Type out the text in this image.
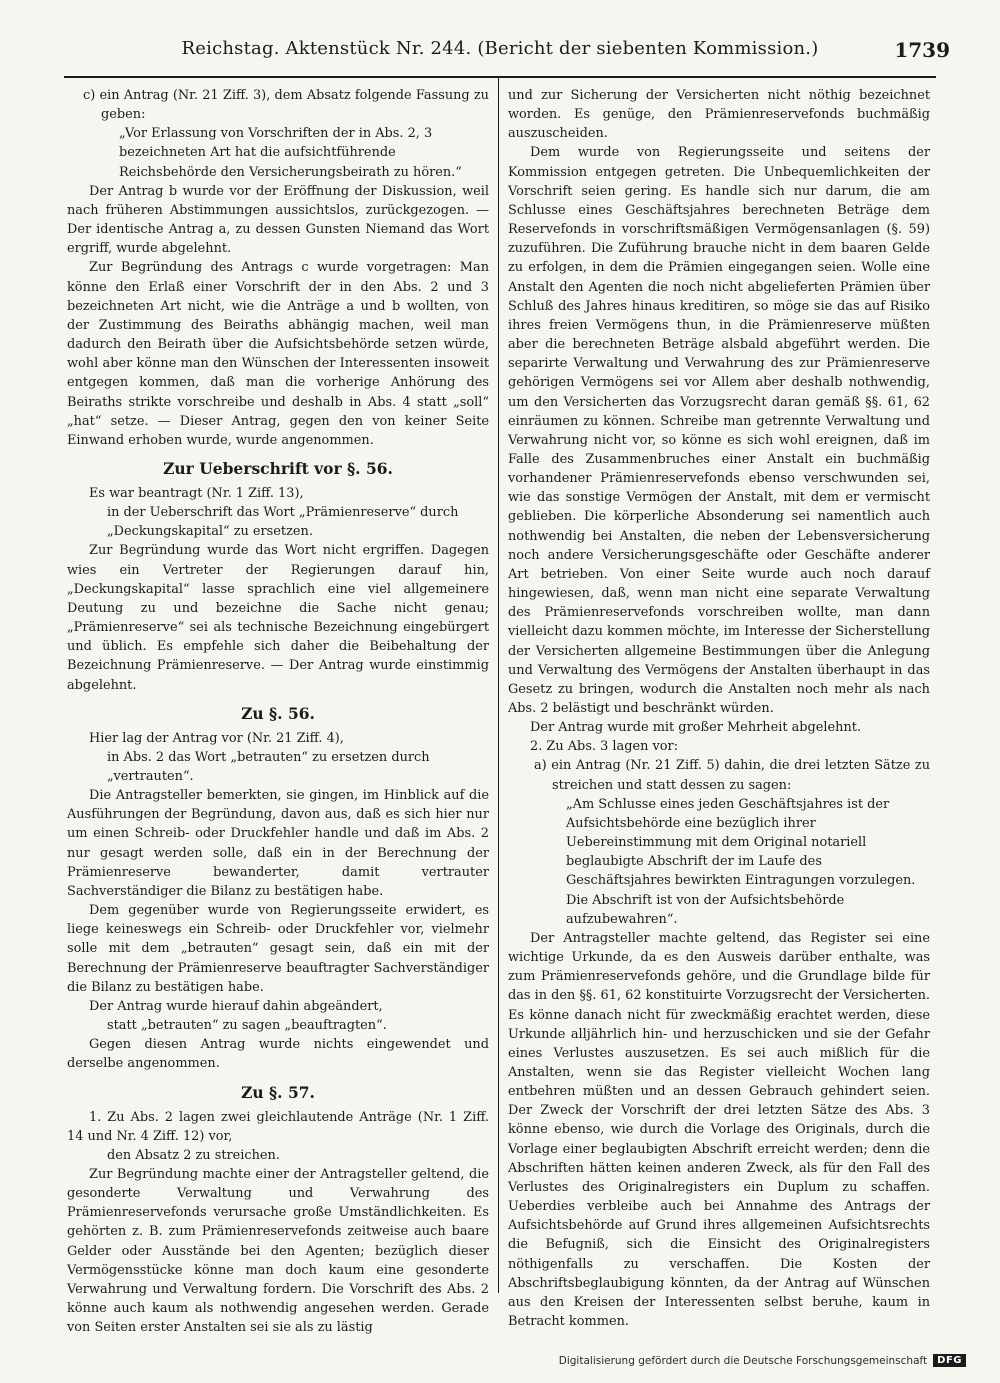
Reichstag. Aktenstück Nr. 244. (Bericht der siebenten Kommission.)	1739

c) ein Antrag (Nr. 21 Ziff. 3), dem Absatz folgende Fassung zu geben:

„Vor Erlassung von Vorschriften der in Abs. 2, 3 bezeichneten Art hat die aufsichtführende Reichsbehörde den Versicherungsbeirath zu hören.“

Der Antrag b wurde vor der Eröffnung der Diskussion, weil nach früheren Abstimmungen aussichtslos, zurückgezogen. — Der identische Antrag a, zu dessen Gunsten Niemand das Wort ergriff, wurde abgelehnt.

Zur Begründung des Antrags c wurde vorgetragen: Man könne den Erlaß einer Vorschrift der in den Abs. 2 und 3 bezeichneten Art nicht, wie die Anträge a und b wollten, von der Zustimmung des Beiraths abhängig machen, weil man dadurch den Beirath über die Aufsichtsbehörde setzen würde, wohl aber könne man den Wünschen der Interessenten insoweit entgegen kommen, daß man die vorherige Anhörung des Beiraths strikte vorschreibe und deshalb in Abs. 4 statt „soll“ „hat“ setze. — Dieser Antrag, gegen den von keiner Seite Einwand erhoben wurde, wurde angenommen.

Zur Ueberschrift vor §. 56.

Es war beantragt (Nr. 1 Ziff. 13),

in der Ueberschrift das Wort „Prämienreserve“ durch „Deckungskapital“ zu ersetzen.

Zur Begründung wurde das Wort nicht ergriffen. Dagegen wies ein Vertreter der Regierungen darauf hin, „Deckungskapital“ lasse sprachlich eine viel allgemeinere Deutung zu und bezeichne die Sache nicht genau; „Prämienreserve“ sei als technische Bezeichnung eingebürgert und üblich. Es empfehle sich daher die Beibehaltung der Bezeichnung Prämienreserve. — Der Antrag wurde einstimmig abgelehnt.

Zu §. 56.

Hier lag der Antrag vor (Nr. 21 Ziff. 4),

in Abs. 2 das Wort „betrauten“ zu ersetzen durch „vertrauten“.

Die Antragsteller bemerkten, sie gingen, im Hinblick auf die Ausführungen der Begründung, davon aus, daß es sich hier nur um einen Schreib- oder Druckfehler handle und daß im Abs. 2 nur gesagt werden solle, daß ein in der Berechnung der Prämienreserve bewanderter, damit vertrauter Sachverständiger die Bilanz zu bestätigen habe.

Dem gegenüber wurde von Regierungsseite erwidert, es liege keineswegs ein Schreib- oder Druckfehler vor, vielmehr solle mit dem „betrauten“ gesagt sein, daß ein mit der Berechnung der Prämienreserve beauftragter Sachverständiger die Bilanz zu bestätigen habe.

Der Antrag wurde hierauf dahin abgeändert,

statt „betrauten“ zu sagen „beauftragten“.

Gegen diesen Antrag wurde nichts eingewendet und derselbe angenommen.

Zu §. 57.

1. Zu Abs. 2 lagen zwei gleichlautende Anträge (Nr. 1 Ziff. 14 und Nr. 4 Ziff. 12) vor,

den Absatz 2 zu streichen.

Zur Begründung machte einer der Antragsteller geltend, die gesonderte Verwaltung und Verwahrung des Prämienreservefonds verursache große Umständlichkeiten. Es gehörten z. B. zum Prämienreservefonds zeitweise auch baare Gelder oder Ausstände bei den Agenten; bezüglich dieser Vermögensstücke könne man doch kaum eine gesonderte Verwahrung und Verwaltung fordern. Die Vorschrift des Abs. 2 könne auch kaum als nothwendig angesehen werden. Gerade von Seiten erster Anstalten sei sie als zu lästig

und zur Sicherung der Versicherten nicht nöthig bezeichnet worden. Es genüge, den Prämienreservefonds buchmäßig auszuscheiden.

Dem wurde von Regierungsseite und seitens der Kommission entgegen getreten. Die Unbequemlichkeiten der Vorschrift seien gering. Es handle sich nur darum, die am Schlusse eines Geschäftsjahres berechneten Beträge dem Reservefonds in vorschriftsmäßigen Vermögensanlagen (§. 59) zuzuführen. Die Zuführung brauche nicht in dem baaren Gelde zu erfolgen, in dem die Prämien eingegangen seien. Wolle eine Anstalt den Agenten die noch nicht abgelieferten Prämien über Schluß des Jahres hinaus kreditiren, so möge sie das auf Risiko ihres freien Vermögens thun, in die Prämienreserve müßten aber die berechneten Beträge alsbald abgeführt werden. Die separirte Verwaltung und Verwahrung des zur Prämienreserve gehörigen Vermögens sei vor Allem aber deshalb nothwendig, um den Versicherten das Vorzugsrecht daran gemäß §§. 61, 62 einräumen zu können. Schreibe man getrennte Verwaltung und Verwahrung nicht vor, so könne es sich wohl ereignen, daß im Falle des Zusammenbruches einer Anstalt ein buchmäßig vorhandener Prämienreservefonds ebenso verschwunden sei, wie das sonstige Vermögen der Anstalt, mit dem er vermischt geblieben. Die körperliche Absonderung sei namentlich auch nothwendig bei Anstalten, die neben der Lebensversicherung noch andere Versicherungsgeschäfte oder Geschäfte anderer Art betrieben. Von einer Seite wurde auch noch darauf hingewiesen, daß, wenn man nicht eine separate Verwaltung des Prämienreservefonds vorschreiben wollte, man dann vielleicht dazu kommen möchte, im Interesse der Sicherstellung der Versicherten allgemeine Bestimmungen über die Anlegung und Verwaltung des Vermögens der Anstalten überhaupt in das Gesetz zu bringen, wodurch die Anstalten noch mehr als nach Abs. 2 belästigt und beschränkt würden.

Der Antrag wurde mit großer Mehrheit abgelehnt.

2. Zu Abs. 3 lagen vor:

a) ein Antrag (Nr. 21 Ziff. 5) dahin, die drei letzten Sätze zu streichen und statt dessen zu sagen:

„Am Schlusse eines jeden Geschäftsjahres ist der Aufsichtsbehörde eine bezüglich ihrer Uebereinstimmung mit dem Original notariell beglaubigte Abschrift der im Laufe des Geschäftsjahres bewirkten Eintragungen vorzulegen. Die Abschrift ist von der Aufsichtsbehörde aufzubewahren“.

Der Antragsteller machte geltend, das Register sei eine wichtige Urkunde, da es den Ausweis darüber enthalte, was zum Prämienreservefonds gehöre, und die Grundlage bilde für das in den §§. 61, 62 konstituirte Vorzugsrecht der Versicherten. Es könne danach nicht für zweckmäßig erachtet werden, diese Urkunde alljährlich hin- und herzuschicken und sie der Gefahr eines Verlustes auszusetzen. Es sei auch mißlich für die Anstalten, wenn sie das Register vielleicht Wochen lang entbehren müßten und an dessen Gebrauch gehindert seien. Der Zweck der Vorschrift der drei letzten Sätze des Abs. 3 könne ebenso, wie durch die Vorlage des Originals, durch die Vorlage einer beglaubigten Abschrift erreicht werden; denn die Abschriften hätten keinen anderen Zweck, als für den Fall des Verlustes des Originalregisters ein Duplum zu schaffen. Ueberdies verbleibe auch bei Annahme des Antrags der Aufsichtsbehörde auf Grund ihres allgemeinen Aufsichtsrechts die Befugniß, sich die Einsicht des Originalregisters nöthigenfalls zu verschaffen. Die Kosten der Abschriftsbeglaubigung könnten, da der Antrag auf Wünschen aus den Kreisen der Interessenten selbst beruhe, kaum in Betracht kommen.

Digitalisierung gefördert durch die Deutsche Forschungsgemeinschaft	DFG
